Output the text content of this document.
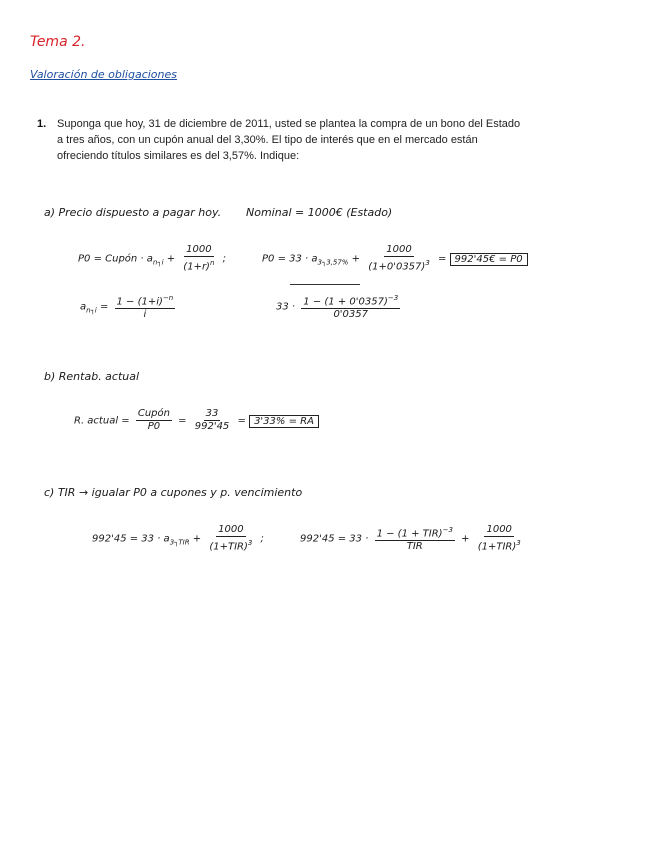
Tema 2.
Valoración de obligaciones
1. Suponga que hoy, 31 de diciembre de 2011, usted se plantea la compra de un bono del Estado a tres años, con un cupón anual del 3,30%. El tipo de interés que en el mercado están ofreciendo títulos similares es del 3,57%. Indique:
a) Precio dispuesto a pagar hoy. Nominal = 1000€ (Estado)
P0 = Cupón · $a_{n┐i} + \frac{1000}{(1+r)^n}$ ;	$P0 = 33 \cdot a_{3┐3,57\%} + \frac{1000}{(1+0'0357)^3}$ = 992'45€ = P0
$a_{n┐i} = \frac{1 - (1+i)^{-n}}{i}$	$33 \cdot \frac{1 - (1 + 0'0357)^{-3}}{0'0357}$
b) Rentab. actual
R. actual = $\frac{\text{Cupón}}{P0} = \frac{33}{992'45} = 3'33\%$ = RA
c) TIR → igualar P0 a cupones y p. vencimiento
$992'45 = 33 \cdot a_{3┐TIR} + \frac{1000}{(1+TIR)^3}$ ;	$992'45 = 33 \cdot \frac{1 - (1 + TIR)^{-3}}{\text{TIR}} + \frac{1000}{(1+TIR)^3}$
